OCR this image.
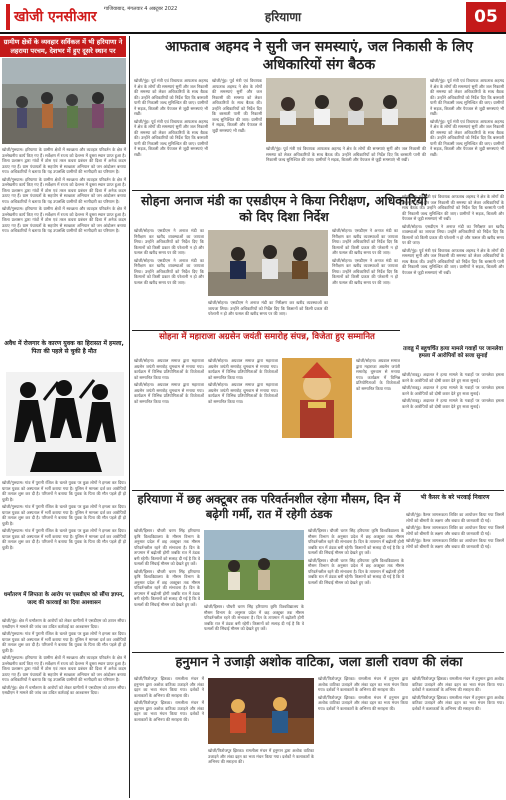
खोजी एनसीआर गाजियाबाद, मंगलवार 4 अक्टूबर 2022
हरियाणा	05
ग्रामीण क्षेत्रों के व्यवहार सर्विकल में भी हरियाणा ने लहराया परचम, देशभर में हुए दूसरे स्थान पर

खोजी/गुरुग्राम। हरियाणा के ग्रामीण क्षेत्रों में स्वच्छता और व्यवहार परिवर्तन के क्षेत्र में उल्लेखनीय कार्य किए गए हैं। सर्वेक्षण में राज्य को देशभर में दूसरा स्थान प्राप्त हुआ है। जिला प्रशासन द्वारा गांवों में ठोस एवं तरल कचरा प्रबंधन की दिशा में अनेक कदम उठाए गए हैं। ग्राम पंचायतों के सहयोग से स्वच्छता अभियान को जन आंदोलन बनाया गया। अधिकारियों ने बताया कि यह उपलब्धि ग्रामीणों की भागीदारी का परिणाम है।

खोजी/गुरुग्राम। हरियाणा के ग्रामीण क्षेत्रों में स्वच्छता और व्यवहार परिवर्तन के क्षेत्र में उल्लेखनीय कार्य किए गए हैं। सर्वेक्षण में राज्य को देशभर में दूसरा स्थान प्राप्त हुआ है। जिला प्रशासन द्वारा गांवों में ठोस एवं तरल कचरा प्रबंधन की दिशा में अनेक कदम उठाए गए हैं। ग्राम पंचायतों के सहयोग से स्वच्छता अभियान को जन आंदोलन बनाया गया। अधिकारियों ने बताया कि यह उपलब्धि ग्रामीणों की भागीदारी का परिणाम है।

खोजी/गुरुग्राम। हरियाणा के ग्रामीण क्षेत्रों में स्वच्छता और व्यवहार परिवर्तन के क्षेत्र में उल्लेखनीय कार्य किए गए हैं। सर्वेक्षण में राज्य को देशभर में दूसरा स्थान प्राप्त हुआ है। जिला प्रशासन द्वारा गांवों में ठोस एवं तरल कचरा प्रबंधन की दिशा में अनेक कदम उठाए गए हैं। ग्राम पंचायतों के सहयोग से स्वच्छता अभियान को जन आंदोलन बनाया गया। अधिकारियों ने बताया कि यह उपलब्धि ग्रामीणों की भागीदारी का परिणाम है।

अवैध में रोजगार के कारण युवक का हिरासत में हमला, पिता की पहले से चुकी है मौत

खोजी/गुरुग्राम। गांव में पुरानी रंजिश के चलते युवक पर कुछ लोगों ने हमला कर दिया। घायल युवक को अस्पताल में भर्ती कराया गया है। पुलिस ने मामला दर्ज कर आरोपियों की तलाश शुरू कर दी है। परिजनों ने बताया कि युवक के पिता की मौत पहले ही हो चुकी है।

खोजी/गुरुग्राम। गांव में पुरानी रंजिश के चलते युवक पर कुछ लोगों ने हमला कर दिया। घायल युवक को अस्पताल में भर्ती कराया गया है। पुलिस ने मामला दर्ज कर आरोपियों की तलाश शुरू कर दी है। परिजनों ने बताया कि युवक के पिता की मौत पहले ही हो चुकी है।

खोजी/गुरुग्राम। गांव में पुरानी रंजिश के चलते युवक पर कुछ लोगों ने हमला कर दिया। घायल युवक को अस्पताल में भर्ती कराया गया है। पुलिस ने मामला दर्ज कर आरोपियों की तलाश शुरू कर दी है। परिजनों ने बताया कि युवक के पिता की मौत पहले ही हो चुकी है।

धर्मांतरण में लिप्तता के आरोप पर एसडीएम को सौंपा ज्ञापन, जल्द की कारवाई का दिया आश्वासन

खोजी/नूंह। क्षेत्र में धर्मांतरण के आरोपों को लेकर ग्रामीणों ने एसडीएम को ज्ञापन सौंपा। एसडीएम ने मामले की जांच कर उचित कार्रवाई का आश्वासन दिया।

खोजी/गुरुग्राम। गांव में पुरानी रंजिश के चलते युवक पर कुछ लोगों ने हमला कर दिया। घायल युवक को अस्पताल में भर्ती कराया गया है। पुलिस ने मामला दर्ज कर आरोपियों की तलाश शुरू कर दी है। परिजनों ने बताया कि युवक के पिता की मौत पहले ही हो चुकी है।

खोजी/गुरुग्राम। हरियाणा के ग्रामीण क्षेत्रों में स्वच्छता और व्यवहार परिवर्तन के क्षेत्र में उल्लेखनीय कार्य किए गए हैं। सर्वेक्षण में राज्य को देशभर में दूसरा स्थान प्राप्त हुआ है। जिला प्रशासन द्वारा गांवों में ठोस एवं तरल कचरा प्रबंधन की दिशा में अनेक कदम उठाए गए हैं। ग्राम पंचायतों के सहयोग से स्वच्छता अभियान को जन आंदोलन बनाया गया। अधिकारियों ने बताया कि यह उपलब्धि ग्रामीणों की भागीदारी का परिणाम है।

खोजी/नूंह। क्षेत्र में धर्मांतरण के आरोपों को लेकर ग्रामीणों ने एसडीएम को ज्ञापन सौंपा। एसडीएम ने मामले की जांच कर उचित कार्रवाई का आश्वासन दिया।

आफताब अहमद ने सुनी जन समस्याएं, जल निकासी के लिए अधिकारियों संग बैठक

खोजी/नूंह। पूर्व मंत्री एवं विधायक आफताब अहमद ने क्षेत्र के लोगों की समस्याएं सुनीं और जल निकासी की समस्या को लेकर अधिकारियों के साथ बैठक की। उन्होंने अधिकारियों को निर्देश दिए कि बरसाती पानी की निकासी जल्द सुनिश्चित की जाए। ग्रामीणों ने सड़क, बिजली और पेयजल से जुड़ी समस्याएं भी रखीं।

खोजी/नूंह। पूर्व मंत्री एवं विधायक आफताब अहमद ने क्षेत्र के लोगों की समस्याएं सुनीं और जल निकासी की समस्या को लेकर अधिकारियों के साथ बैठक की। उन्होंने अधिकारियों को निर्देश दिए कि बरसाती पानी की निकासी जल्द सुनिश्चित की जाए। ग्रामीणों ने सड़क, बिजली और पेयजल से जुड़ी समस्याएं भी रखीं।

खोजी/नूंह। पूर्व मंत्री एवं विधायक आफताब अहमद ने क्षेत्र के लोगों की समस्याएं सुनीं और जल निकासी की समस्या को लेकर अधिकारियों के साथ बैठक की। उन्होंने अधिकारियों को निर्देश दिए कि बरसाती पानी की निकासी जल्द सुनिश्चित की जाए। ग्रामीणों ने सड़क, बिजली और पेयजल से जुड़ी समस्याएं भी रखीं।

खोजी/नूंह। पूर्व मंत्री एवं विधायक आफताब अहमद ने क्षेत्र के लोगों की समस्याएं सुनीं और जल निकासी की समस्या को लेकर अधिकारियों के साथ बैठक की। उन्होंने अधिकारियों को निर्देश दिए कि बरसाती पानी की निकासी जल्द सुनिश्चित की जाए। ग्रामीणों ने सड़क, बिजली और पेयजल से जुड़ी समस्याएं भी रखीं।

खोजी/नूंह। पूर्व मंत्री एवं विधायक आफताब अहमद ने क्षेत्र के लोगों की समस्याएं सुनीं और जल निकासी की समस्या को लेकर अधिकारियों के साथ बैठक की। उन्होंने अधिकारियों को निर्देश दिए कि बरसाती पानी की निकासी जल्द सुनिश्चित की जाए। ग्रामीणों ने सड़क, बिजली और पेयजल से जुड़ी समस्याएं भी रखीं।

खोजी/नूंह। पूर्व मंत्री एवं विधायक आफताब अहमद ने क्षेत्र के लोगों की समस्याएं सुनीं और जल निकासी की समस्या को लेकर अधिकारियों के साथ बैठक की। उन्होंने अधिकारियों को निर्देश दिए कि बरसाती पानी की निकासी जल्द सुनिश्चित की जाए। ग्रामीणों ने सड़क, बिजली और पेयजल से जुड़ी समस्याएं भी रखीं।

सोहना अनाज मंडी का एसडीएम ने किया निरीक्षण, अधिकारियों को दिए दिशा निर्देश

खोजी/सोहना। एसडीएम ने अनाज मंडी का निरीक्षण कर खरीद व्यवस्थाओं का जायजा लिया। उन्होंने अधिकारियों को निर्देश दिए कि किसानों को किसी प्रकार की परेशानी न हो और फसल की खरीद समय पर की जाए।

खोजी/सोहना। एसडीएम ने अनाज मंडी का निरीक्षण कर खरीद व्यवस्थाओं का जायजा लिया। उन्होंने अधिकारियों को निर्देश दिए कि किसानों को किसी प्रकार की परेशानी न हो और फसल की खरीद समय पर की जाए।

खोजी/सोहना। एसडीएम ने अनाज मंडी का निरीक्षण कर खरीद व्यवस्थाओं का जायजा लिया। उन्होंने अधिकारियों को निर्देश दिए कि किसानों को किसी प्रकार की परेशानी न हो और फसल की खरीद समय पर की जाए।

खोजी/सोहना। एसडीएम ने अनाज मंडी का निरीक्षण कर खरीद व्यवस्थाओं का जायजा लिया। उन्होंने अधिकारियों को निर्देश दिए कि किसानों को किसी प्रकार की परेशानी न हो और फसल की खरीद समय पर की जाए।

खोजी/सोहना। एसडीएम ने अनाज मंडी का निरीक्षण कर खरीद व्यवस्थाओं का जायजा लिया। उन्होंने अधिकारियों को निर्देश दिए कि किसानों को किसी प्रकार की परेशानी न हो और फसल की खरीद समय पर की जाए।

खोजी/नूंह। पूर्व मंत्री एवं विधायक आफताब अहमद ने क्षेत्र के लोगों की समस्याएं सुनीं और जल निकासी की समस्या को लेकर अधिकारियों के साथ बैठक की। उन्होंने अधिकारियों को निर्देश दिए कि बरसाती पानी की निकासी जल्द सुनिश्चित की जाए। ग्रामीणों ने सड़क, बिजली और पेयजल से जुड़ी समस्याएं भी रखीं।

खोजी/सोहना। एसडीएम ने अनाज मंडी का निरीक्षण कर खरीद व्यवस्थाओं का जायजा लिया। उन्होंने अधिकारियों को निर्देश दिए कि किसानों को किसी प्रकार की परेशानी न हो और फसल की खरीद समय पर की जाए।

खोजी/नूंह। पूर्व मंत्री एवं विधायक आफताब अहमद ने क्षेत्र के लोगों की समस्याएं सुनीं और जल निकासी की समस्या को लेकर अधिकारियों के साथ बैठक की। उन्होंने अधिकारियों को निर्देश दिए कि बरसाती पानी की निकासी जल्द सुनिश्चित की जाए। ग्रामीणों ने सड़क, बिजली और पेयजल से जुड़ी समस्याएं भी रखीं।

सोहना में महाराजा अग्रसेन जयंती समारोह संपन्न, विजेता हुए सम्मानित

खोजी/सोहना। अग्रवाल समाज द्वारा महाराजा अग्रसेन जयंती समारोह धूमधाम से मनाया गया। कार्यक्रम में विभिन्न प्रतियोगिताओं के विजेताओं को सम्मानित किया गया।

खोजी/सोहना। अग्रवाल समाज द्वारा महाराजा अग्रसेन जयंती समारोह धूमधाम से मनाया गया। कार्यक्रम में विभिन्न प्रतियोगिताओं के विजेताओं को सम्मानित किया गया।

खोजी/सोहना। अग्रवाल समाज द्वारा महाराजा अग्रसेन जयंती समारोह धूमधाम से मनाया गया। कार्यक्रम में विभिन्न प्रतियोगिताओं के विजेताओं को सम्मानित किया गया।

खोजी/सोहना। अग्रवाल समाज द्वारा महाराजा अग्रसेन जयंती समारोह धूमधाम से मनाया गया। कार्यक्रम में विभिन्न प्रतियोगिताओं के विजेताओं को सम्मानित किया गया।

खोजी/सोहना। अग्रवाल समाज द्वारा महाराजा अग्रसेन जयंती समारोह धूमधाम से मनाया गया। कार्यक्रम में विभिन्न प्रतियोगिताओं के विजेताओं को सम्मानित किया गया।

तावडू में बहुचर्चित हत्या मामले गवाहों पर जानलेवा हमला में आरोपियों को सजा सुनाई

खोजी/तावडू। अदालत ने हत्या मामले के गवाहों पर जानलेवा हमला करने के आरोपियों को दोषी करार देते हुए सजा सुनाई।

खोजी/तावडू। अदालत ने हत्या मामले के गवाहों पर जानलेवा हमला करने के आरोपियों को दोषी करार देते हुए सजा सुनाई।

खोजी/तावडू। अदालत ने हत्या मामले के गवाहों पर जानलेवा हमला करने के आरोपियों को दोषी करार देते हुए सजा सुनाई।

हरियाणा में छह अक्टूबर तक परिवर्तनशील रहेगा मौसम, दिन में बढ़ेगी गर्मी, रात में रहेगी ठंडक

खोजी/हिसार। चौधरी चरण सिंह हरियाणा कृषि विश्वविद्यालय के मौसम विभाग के अनुसार प्रदेश में छह अक्टूबर तक मौसम परिवर्तनशील रहने की संभावना है। दिन के तापमान में बढ़ोतरी होगी जबकि रात में ठंडक बनी रहेगी। किसानों को सलाह दी गई है कि वे फसलों की सिंचाई मौसम को देखते हुए करें।

खोजी/हिसार। चौधरी चरण सिंह हरियाणा कृषि विश्वविद्यालय के मौसम विभाग के अनुसार प्रदेश में छह अक्टूबर तक मौसम परिवर्तनशील रहने की संभावना है। दिन के तापमान में बढ़ोतरी होगी जबकि रात में ठंडक बनी रहेगी। किसानों को सलाह दी गई है कि वे फसलों की सिंचाई मौसम को देखते हुए करें।

खोजी/हिसार। चौधरी चरण सिंह हरियाणा कृषि विश्वविद्यालय के मौसम विभाग के अनुसार प्रदेश में छह अक्टूबर तक मौसम परिवर्तनशील रहने की संभावना है। दिन के तापमान में बढ़ोतरी होगी जबकि रात में ठंडक बनी रहेगी। किसानों को सलाह दी गई है कि वे फसलों की सिंचाई मौसम को देखते हुए करें।

खोजी/हिसार। चौधरी चरण सिंह हरियाणा कृषि विश्वविद्यालय के मौसम विभाग के अनुसार प्रदेश में छह अक्टूबर तक मौसम परिवर्तनशील रहने की संभावना है। दिन के तापमान में बढ़ोतरी होगी जबकि रात में ठंडक बनी रहेगी। किसानों को सलाह दी गई है कि वे फसलों की सिंचाई मौसम को देखते हुए करें।

खोजी/हिसार। चौधरी चरण सिंह हरियाणा कृषि विश्वविद्यालय के मौसम विभाग के अनुसार प्रदेश में छह अक्टूबर तक मौसम परिवर्तनशील रहने की संभावना है। दिन के तापमान में बढ़ोतरी होगी जबकि रात में ठंडक बनी रहेगी। किसानों को सलाह दी गई है कि वे फसलों की सिंचाई मौसम को देखते हुए करें।

भी कैसर के बरे भरवाई निवारण

खोजी/नूंह। कैसर जागरूकता शिविर का आयोजन किया गया जिसमें लोगों को बीमारी के लक्षण और बचाव की जानकारी दी गई।

खोजी/नूंह। कैसर जागरूकता शिविर का आयोजन किया गया जिसमें लोगों को बीमारी के लक्षण और बचाव की जानकारी दी गई।

खोजी/नूंह। कैसर जागरूकता शिविर का आयोजन किया गया जिसमें लोगों को बीमारी के लक्षण और बचाव की जानकारी दी गई।

हनुमान ने उजाड़ी अशोक वाटिका, जला डाली रावण की लंका

खोजी/फिरोजपुर झिरका। रामलीला मंचन में हनुमान द्वारा अशोक वाटिका उजाड़ने और लंका दहन का भव्य मंचन किया गया। दर्शकों ने कलाकारों के अभिनय की सराहना की।

खोजी/फिरोजपुर झिरका। रामलीला मंचन में हनुमान द्वारा अशोक वाटिका उजाड़ने और लंका दहन का भव्य मंचन किया गया। दर्शकों ने कलाकारों के अभिनय की सराहना की।

खोजी/फिरोजपुर झिरका। रामलीला मंचन में हनुमान द्वारा अशोक वाटिका उजाड़ने और लंका दहन का भव्य मंचन किया गया। दर्शकों ने कलाकारों के अभिनय की सराहना की।

खोजी/फिरोजपुर झिरका। रामलीला मंचन में हनुमान द्वारा अशोक वाटिका उजाड़ने और लंका दहन का भव्य मंचन किया गया। दर्शकों ने कलाकारों के अभिनय की सराहना की।

खोजी/फिरोजपुर झिरका। रामलीला मंचन में हनुमान द्वारा अशोक वाटिका उजाड़ने और लंका दहन का भव्य मंचन किया गया। दर्शकों ने कलाकारों के अभिनय की सराहना की।

खोजी/फिरोजपुर झिरका। रामलीला मंचन में हनुमान द्वारा अशोक वाटिका उजाड़ने और लंका दहन का भव्य मंचन किया गया। दर्शकों ने कलाकारों के अभिनय की सराहना की।

खोजी/फिरोजपुर झिरका। रामलीला मंचन में हनुमान द्वारा अशोक वाटिका उजाड़ने और लंका दहन का भव्य मंचन किया गया। दर्शकों ने कलाकारों के अभिनय की सराहना की।
